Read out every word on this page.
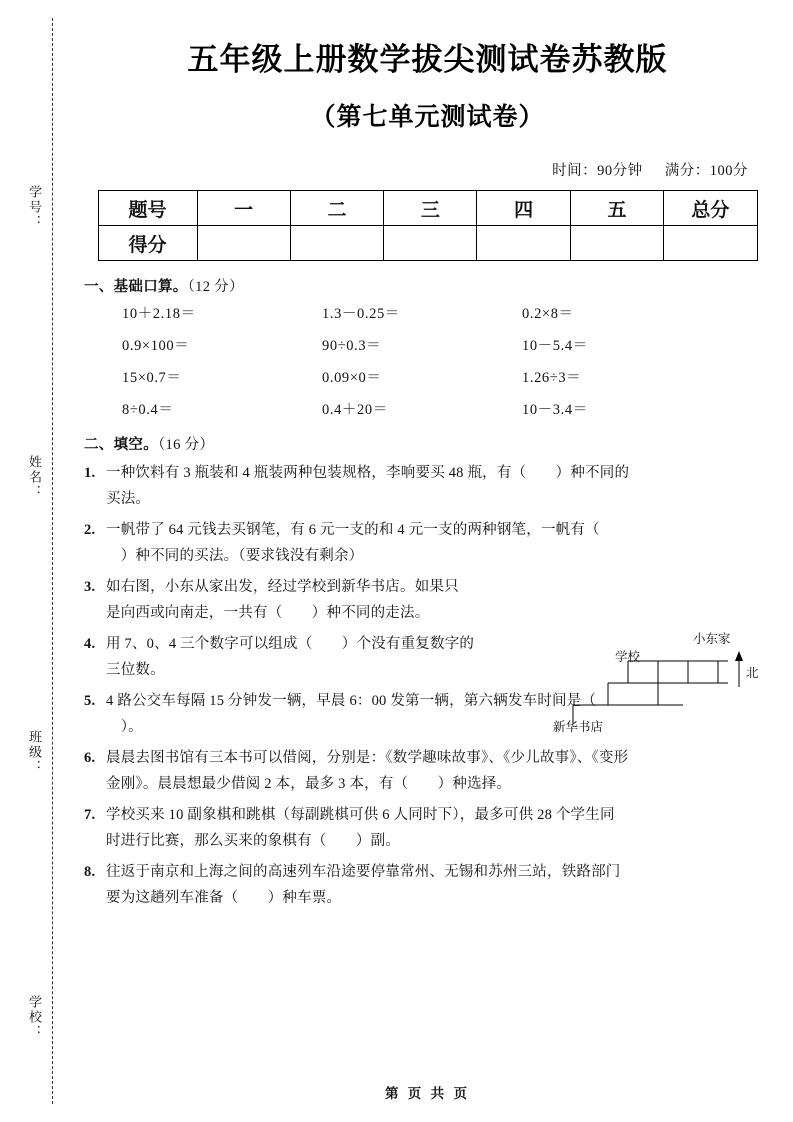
学号：
姓名：
班级：
学校：
五年级上册数学拔尖测试卷苏教版
（第七单元测试卷）
时间：90分钟 满分：100分
题号	一	二	三	四	五	总分
得分						
一、基础口算。（12 分）
10＋2.18＝	1.3－0.25＝	0.2×8＝
0.9×100＝	90÷0.3＝	10－5.4＝
15×0.7＝	0.09×0＝	1.26÷3＝
8÷0.4＝	0.4＋20＝	10－3.4＝
二、填空。（16 分）
1. 一种饮料有 3 瓶装和 4 瓶装两种包装规格，李响要买 48 瓶，有（　　）种不同的
买法。
2. 一帆带了 64 元钱去买钢笔，有 6 元一支的和 4 元一支的两种钢笔，一帆有（
　）种不同的买法。（要求钱没有剩余）
3. 如右图，小东从家出发，经过学校到新华书店。如果只
是向西或向南走，一共有（　　）种不同的走法。
4. 用 7、0、4 三个数字可以组成（　　）个没有重复数字的
三位数。
5. 4 路公交车每隔 15 分钟发一辆，早晨 6：00 发第一辆，第六辆发车时间是（
　）。
6. 晨晨去图书馆有三本书可以借阅，分别是：《数学趣味故事》、《少儿故事》、《变形
金刚》。晨晨想最少借阅 2 本，最多 3 本，有（　　）种选择。
7. 学校买来 10 副象棋和跳棋（每副跳棋可供 6 人同时下），最多可供 28 个学生同
时进行比赛，那么买来的象棋有（　　）副。
8. 往返于南京和上海之间的高速列车沿途要停靠常州、无锡和苏州三站，铁路部门
要为这趟列车准备（　　）种车票。
小东家
学校
北
新华书店
第 页 共 页
